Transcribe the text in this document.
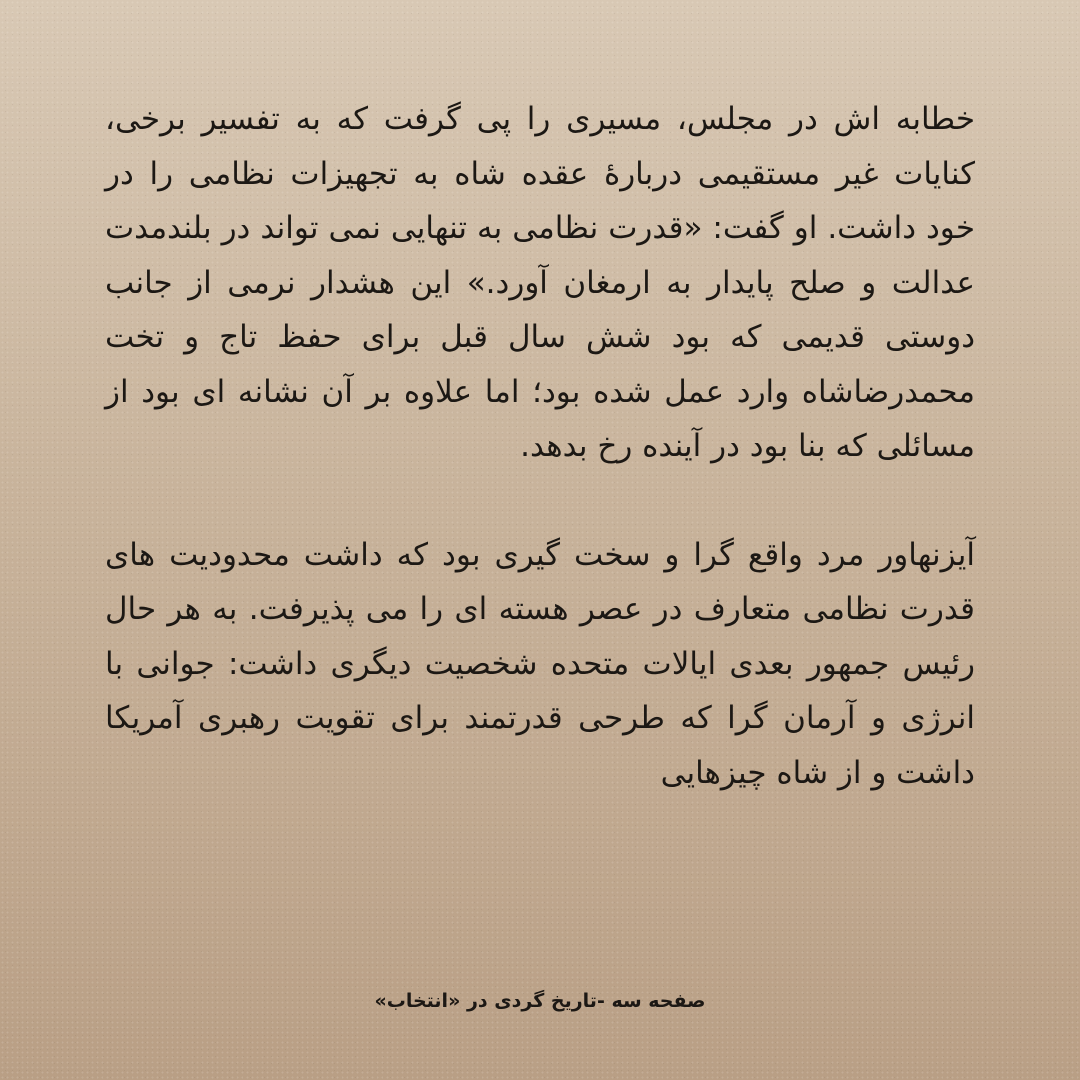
خطابه اش در مجلس، مسیری را پی گرفت که به تفسیر برخی، کنایات غیر مستقیمی دربارهٔ عقده شاه به تجهیزات نظامی را در خود داشت. او گفت: «قدرت نظامی به تنهایی نمی تواند در بلندمدت عدالت و صلح پایدار به ارمغان آورد.» این هشدار نرمی از جانب دوستی قدیمی که بود شش سال قبل برای حفظ تاج و تخت محمدرضاشاه وارد عمل شده بود؛ اما علاوه بر آن نشانه ای بود از مسائلی که بنا بود در آینده رخ بدهد.

آیزنهاور مرد واقع گرا و سخت گیری بود که داشت محدودیت های قدرت نظامی متعارف در عصر هسته ای را می پذیرفت. به هر حال رئیس جمهور بعدی ایالات متحده شخصیت دیگری داشت: جوانی با انرژی و آرمان گرا که طرحی قدرتمند برای تقویت رهبری آمریکا داشت و از شاه چیزهایی

صفحه سه -تاریخ گردی در «انتخاب»
